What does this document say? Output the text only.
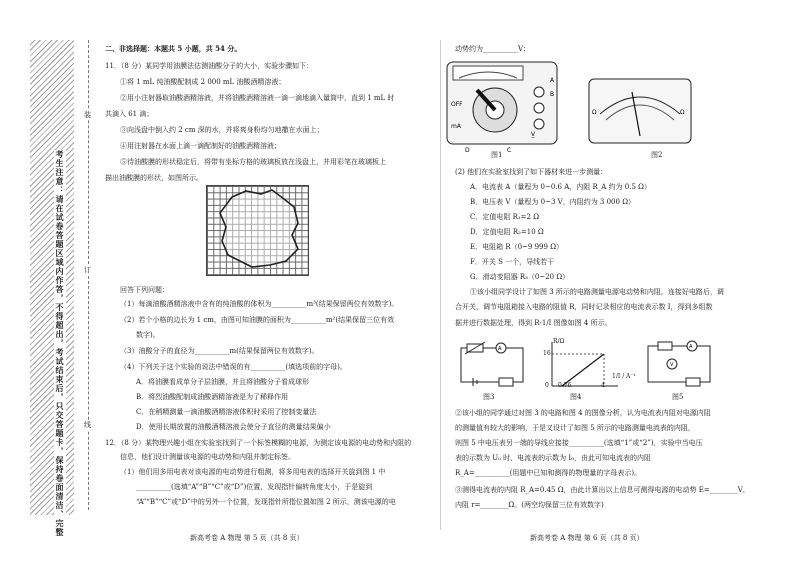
考生注意：请在试卷答题区域内作答，不得超出，考试结束后，只交答题卡，保持卷面清洁、完整
装
订
线
二、非选择题：本题共 5 小题，共 54 分。
11．（8 分）某同学用油膜法估测油酸分子的大小，实验步骤如下：
①将 1 mL 纯油酸配制成 2 000 mL 油酸酒精溶液；
②用小注射器取油酸酒精溶液，并将油酸酒精溶液一滴一滴地滴入量筒中，直到 1 mL 时
共滴入 61 滴；
③向浅盘中倒入约 2 cm 深的水，并将爽身粉均匀地撒在水面上；
④用注射器在水面上滴一滴配制好的油酸酒精溶液；
⑤待油酸膜的形状稳定后，将带有坐标方格的玻璃板放在浅盘上，并用彩笔在玻璃板上
描出油酸膜的形状，如图所示。
回答下列问题：
（1）每滴油酸酒精溶液中含有的纯油酸的体积为__________m³(结果保留两位有效数字)。
（2）若个小格的边长为 1 cm，由图可知油膜的面积为__________m²(结果保留三位有效
数字)。
（3）油酸分子的直径为__________m(结果保留两位有效数字)。
（4）下列关于这个实验的说法中错误的有__________(填选项前的字母)。
A．将油膜看成单分子层油膜，并且将油酸分子看成球形
B．将烈油酸配制成油酸酒精溶液是为了稀释作用
C．在稍精测量一滴油酸酒精溶液体积时采用了控制变量法
D．使用长期放置的油酸酒精溶液会使分子直径的测量结果偏小
12．（8 分）某物理兴趣小组在实验室找到了一个标签模糊的电源，为测定该电源的电动势和内阻的
信息，他们设计测量该电源的电动势和内阻并制定标签。
（1）他们用多用电表对该电源的电动势进行粗测，将多用电表的选择开关旋到图 1 中
__________(选填“A”“B”“C”或“D”)位置，发现指针偏转角度太小，于是旋到
“A”“B”“C”或“D”中的另外一个位置，发现指针所指位置如图 2 所示，测该电源的电
新高考卷 A 物理 第 5 页（共 8 页）
动势约为__________V；
OFF
mA
V̲
A
B
D	C
图1
Ω	Ω
图2
(2) 他们在实验室找到了如下器材来进一步测量：
A．电流表 A（量程为 0~0.6 A，内阻 R_A 约为 0.5 Ω）
B．电压表 V（量程为 0~3 V，内阻约为 3 000 Ω）
C．定值电阻 R₁=2 Ω
D．定值电阻 R₂=10 Ω
E．电阻箱 R（0~9 999 Ω）
F．开关 S 一个，导线若干
G．滑动变阻器 R₃（0~20 Ω）
①该小组同学设计了如图 3 所示的电路测量电源电动势和内阻，连接好电路后，调
合开关，调节电阻箱接入电路的阻值 R，同时记录相应的电流表示数 I，得到多组数
据并进行数据处理，得到 R-1/I 图像如图 4 所示。
A
图3
R/Ω
16
0 0.76	4
1/I / A⁻¹
图4
A
V
图5
②该小组的同学通过对图 3 的电路和图 4 的图像分析，认为电流表内阻对电源内阻
的测量值有较大的影响，于是又设计了如图 5 所示的电路测量电流表的内阻，
则图 5 中电压表另一端的导线应接接__________(选填“1”或“2”)，实验中当电压
表的示数为 U₀ 时，电流表的示数为 I₀，由此可知电流表的内阻
R_A=__________(用题中已知和测得的物理量的字母表示)。
③测得电流表的内阻 R_A=0.45 Ω，由此计算出以上信息可测得电源的电动势 E=________V，
内阻 r=________Ω。(两空均保留三位有效数字)
新高考卷 A 物理 第 6 页（共 8 页）
